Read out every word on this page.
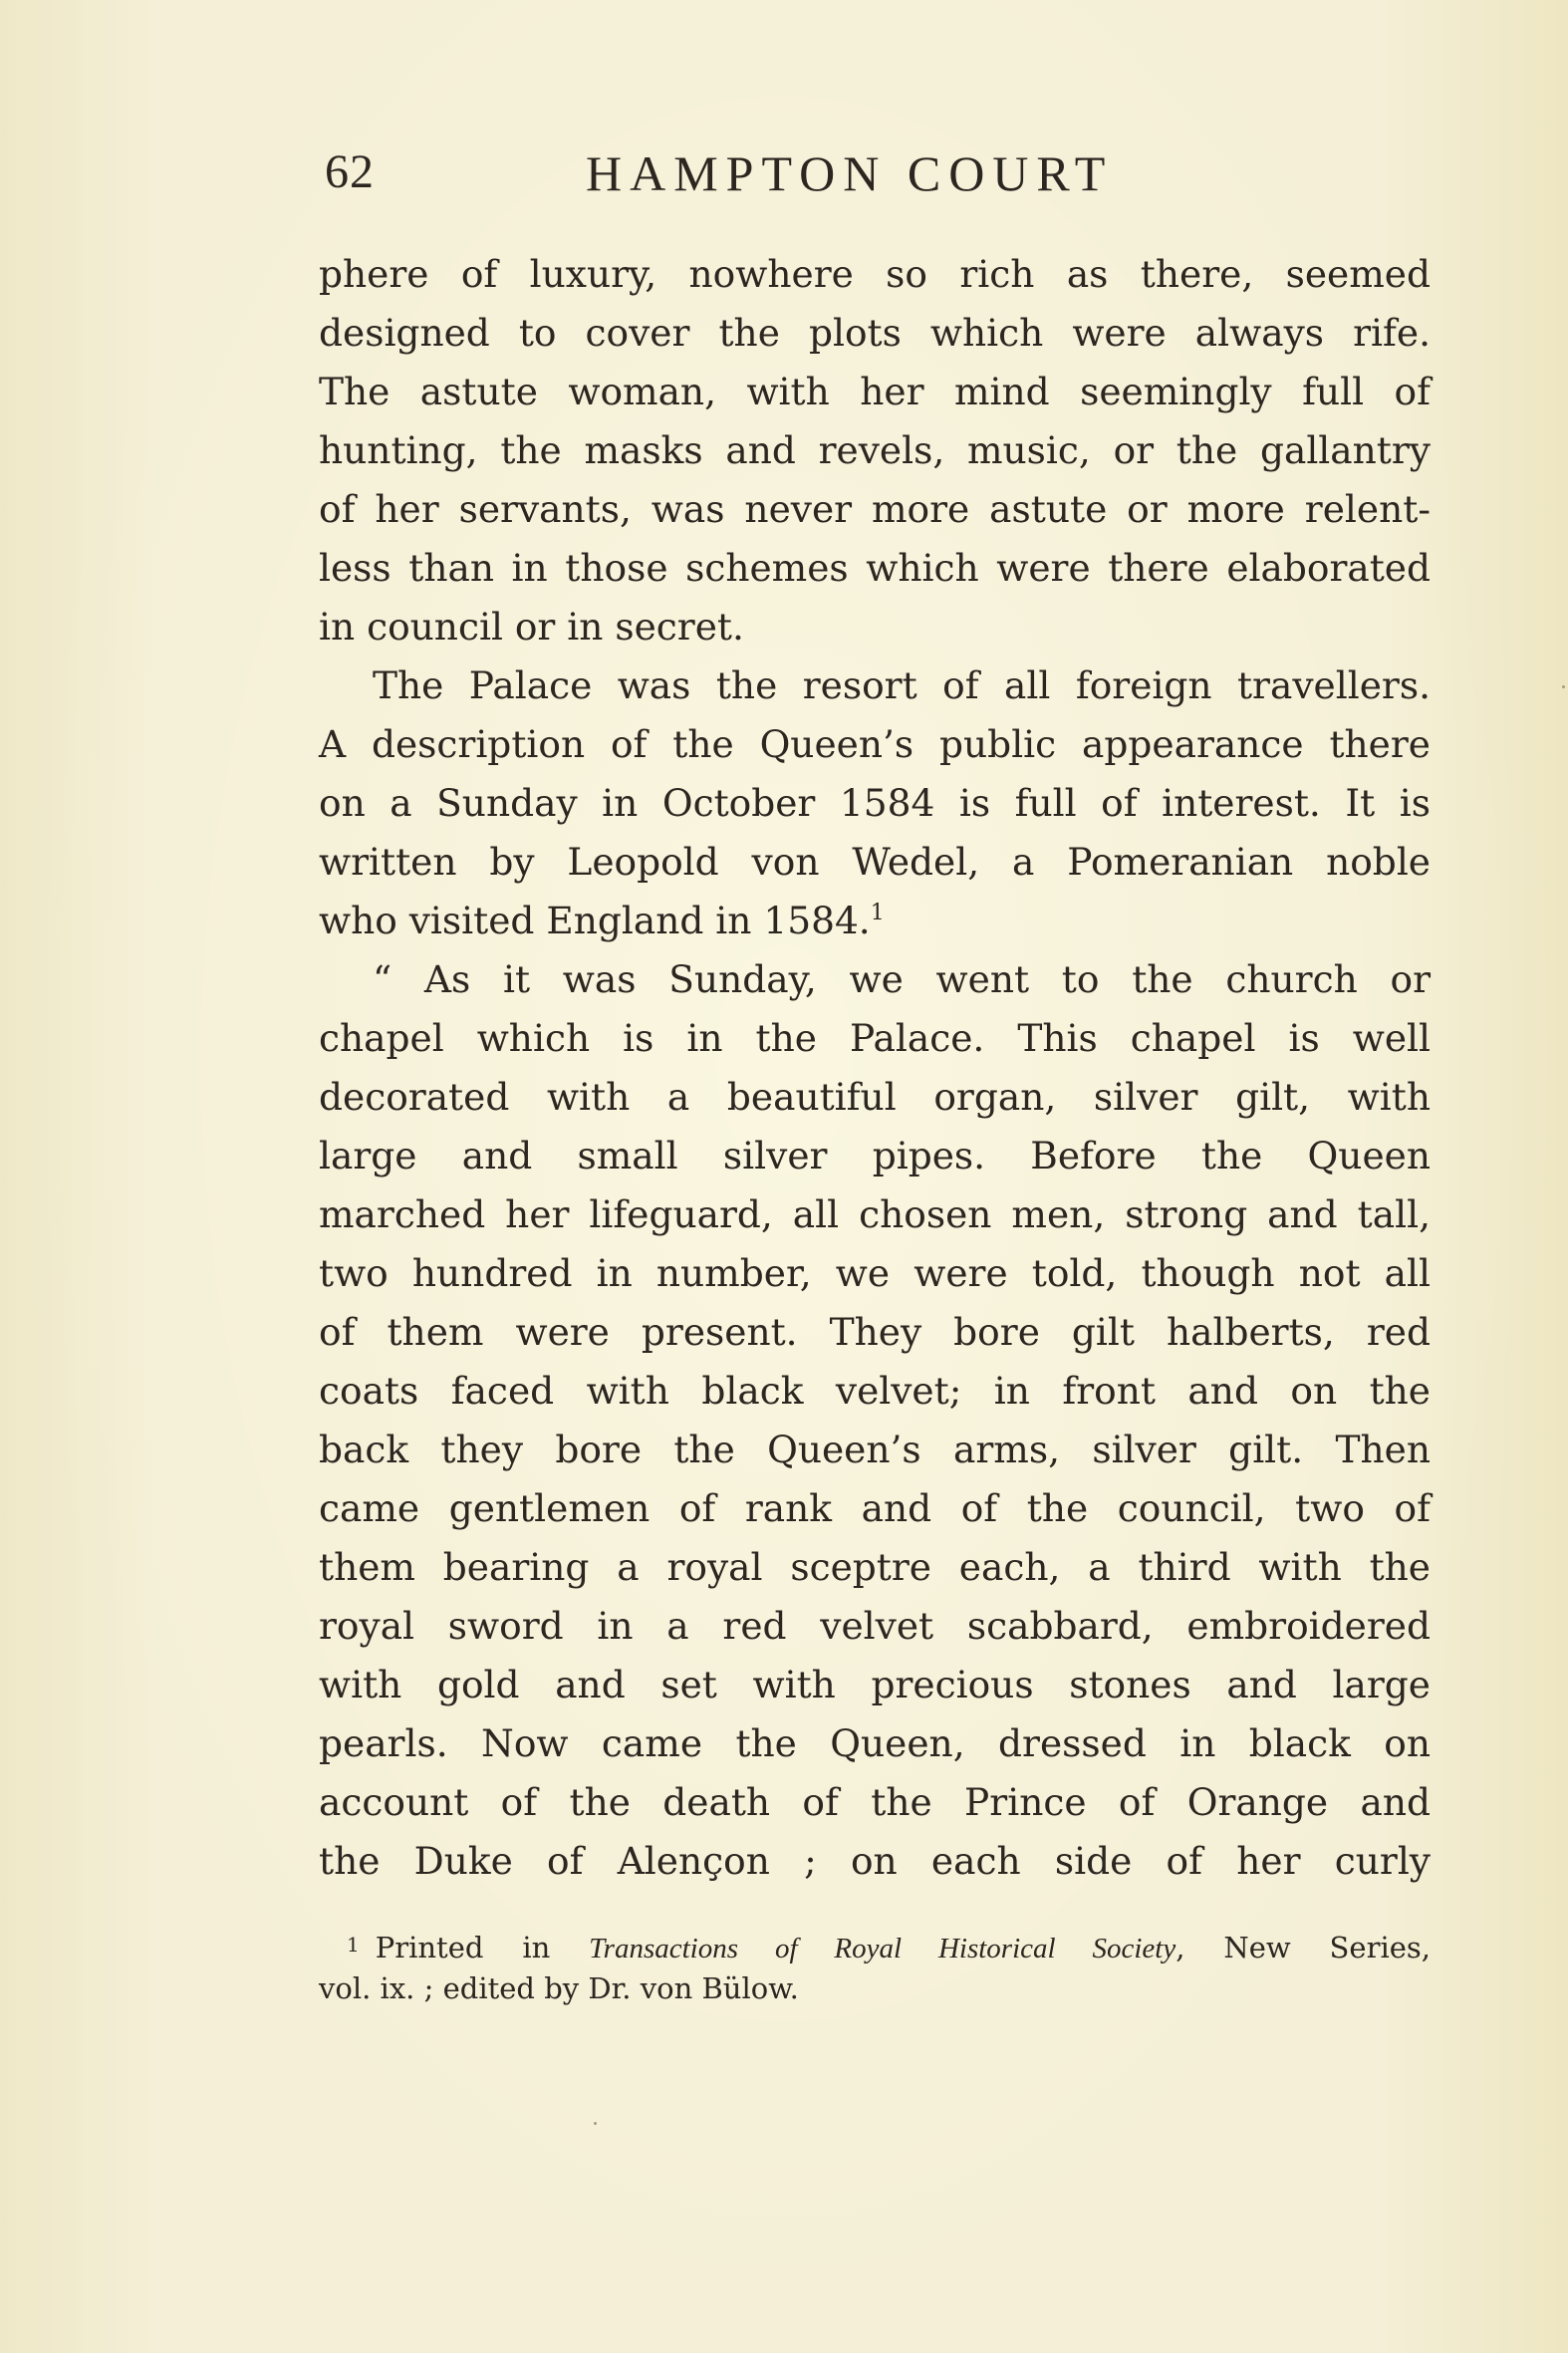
62	HAMPTON COURT
phere of luxury, nowhere so rich as there, seemed
designed to cover the plots which were always rife.
The astute woman, with her mind seemingly full of
hunting, the masks and revels, music, or the gallantry
of her servants, was never more astute or more relent-
less than in those schemes which were there elaborated
in council or in secret.
The Palace was the resort of all foreign travellers.
A description of the Queen’s public appearance there
on a Sunday in October 1584 is full of interest. It is
written by Leopold von Wedel, a Pomeranian noble
who visited England in 1584.$^1$
“ As it was Sunday, we went to the church or
chapel which is in the Palace. This chapel is well
decorated with a beautiful organ, silver gilt, with
large and small silver pipes. Before the Queen
marched her lifeguard, all chosen men, strong and tall,
two hundred in number, we were told, though not all
of them were present. They bore gilt halberts, red
coats faced with black velvet; in front and on the
back they bore the Queen’s arms, silver gilt. Then
came gentlemen of rank and of the council, two of
them bearing a royal sceptre each, a third with the
royal sword in a red velvet scabbard, embroidered
with gold and set with precious stones and large
pearls. Now came the Queen, dressed in black on
account of the death of the Prince of Orange and
the Duke of Alençon ; on each side of her curly
$^1$ Printed in Transactions of Royal Historical Society, New Series,
vol. ix. ; edited by Dr. von Bülow.
